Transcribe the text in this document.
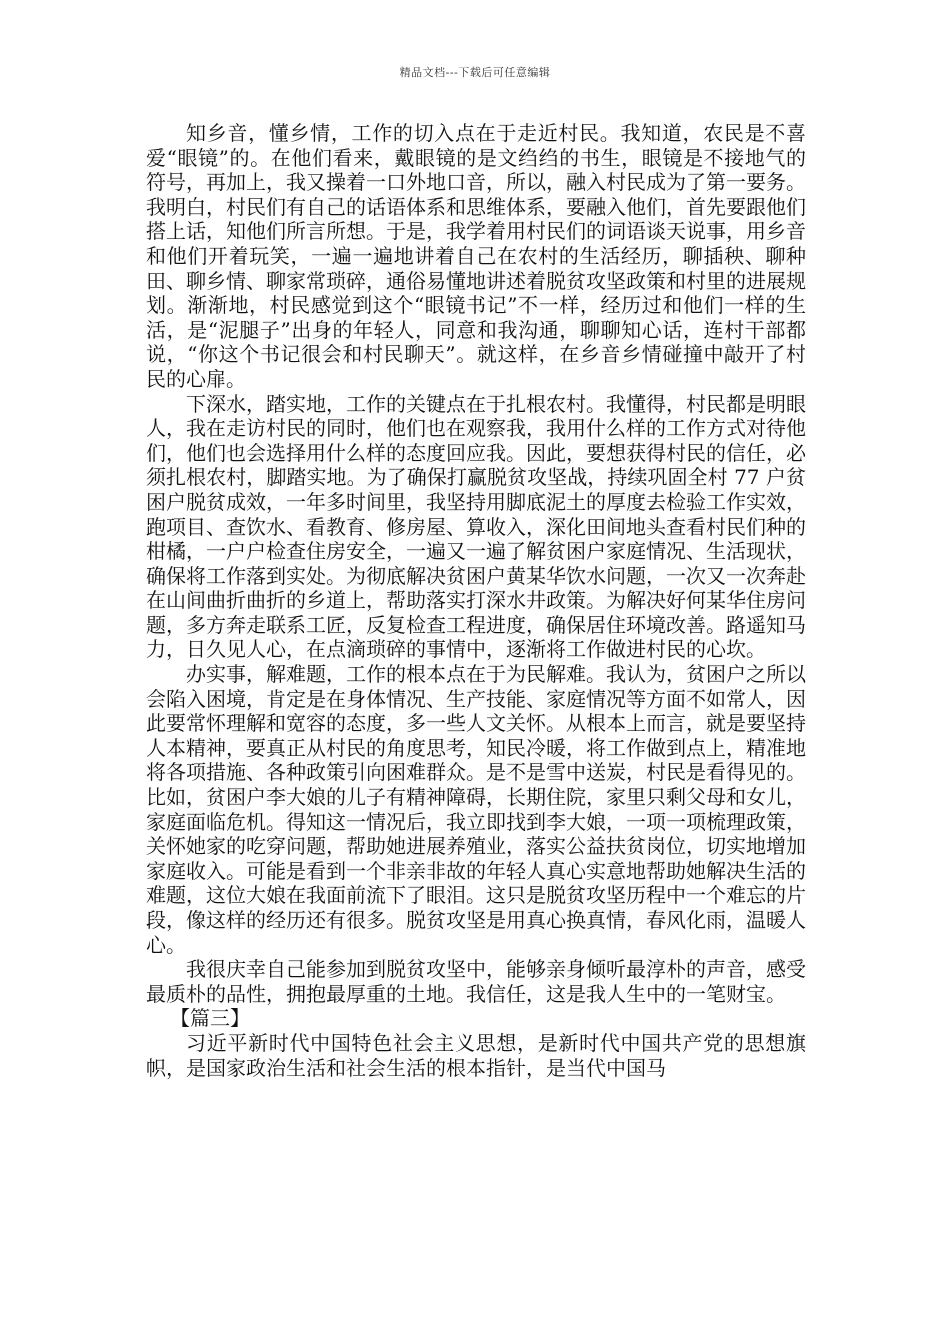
精品文档---下载后可任意编辑

知乡音，懂乡情，工作的切入点在于走近村民。我知道，农民是不喜爱“眼镜”的。在他们看来，戴眼镜的是文绉绉的书生，眼镜是不接地气的符号，再加上，我又操着一口外地口音，所以，融入村民成为了第一要务。我明白，村民们有自己的话语体系和思维体系，要融入他们，首先要跟他们搭上话，知他们所言所想。于是，我学着用村民们的词语谈天说事，用乡音和他们开着玩笑，一遍一遍地讲着自己在农村的生活经历，聊插秧、聊种田、聊乡情、聊家常琐碎，通俗易懂地讲述着脱贫攻坚政策和村里的进展规划。渐渐地，村民感觉到这个“眼镜书记”不一样，经历过和他们一样的生活，是“泥腿子”出身的年轻人，同意和我沟通，聊聊知心话，连村干部都说，“你这个书记很会和村民聊天”。就这样，在乡音乡情碰撞中敲开了村民的心扉。

下深水，踏实地，工作的关键点在于扎根农村。我懂得，村民都是明眼人，我在走访村民的同时，他们也在观察我，我用什么样的工作方式对待他们，他们也会选择用什么样的态度回应我。因此，要想获得村民的信任，必须扎根农村，脚踏实地。为了确保打赢脱贫攻坚战，持续巩固全村 77 户贫困户脱贫成效，一年多时间里，我坚持用脚底泥土的厚度去检验工作实效，跑项目、查饮水、看教育、修房屋、算收入，深化田间地头查看村民们种的柑橘，一户户检查住房安全，一遍又一遍了解贫困户家庭情况、生活现状，确保将工作落到实处。为彻底解决贫困户黄某华饮水问题，一次又一次奔赴在山间曲折曲折的乡道上，帮助落实打深水井政策。为解决好何某华住房问题，多方奔走联系工匠，反复检查工程进度，确保居住环境改善。路遥知马力，日久见人心，在点滴琐碎的事情中，逐渐将工作做进村民的心坎。

办实事，解难题，工作的根本点在于为民解难。我认为，贫困户之所以会陷入困境，肯定是在身体情况、生产技能、家庭情况等方面不如常人，因此要常怀理解和宽容的态度，多一些人文关怀。从根本上而言，就是要坚持人本精神，要真正从村民的角度思考，知民冷暖，将工作做到点上，精准地将各项措施、各种政策引向困难群众。是不是雪中送炭，村民是看得见的。比如，贫困户李大娘的儿子有精神障碍，长期住院，家里只剩父母和女儿，家庭面临危机。得知这一情况后，我立即找到李大娘，一项一项梳理政策，关怀她家的吃穿问题，帮助她进展养殖业，落实公益扶贫岗位，切实地增加家庭收入。可能是看到一个非亲非故的年轻人真心实意地帮助她解决生活的难题，这位大娘在我面前流下了眼泪。这只是脱贫攻坚历程中一个难忘的片段，像这样的经历还有很多。脱贫攻坚是用真心换真情，春风化雨，温暖人心。

我很庆幸自己能参加到脱贫攻坚中，能够亲身倾听最淳朴的声音，感受最质朴的品性，拥抱最厚重的土地。我信任，这是我人生中的一笔财宝。

【篇三】

习近平新时代中国特色社会主义思想，是新时代中国共产党的思想旗帜，是国家政治生活和社会生活的根本指针，是当代中国马
